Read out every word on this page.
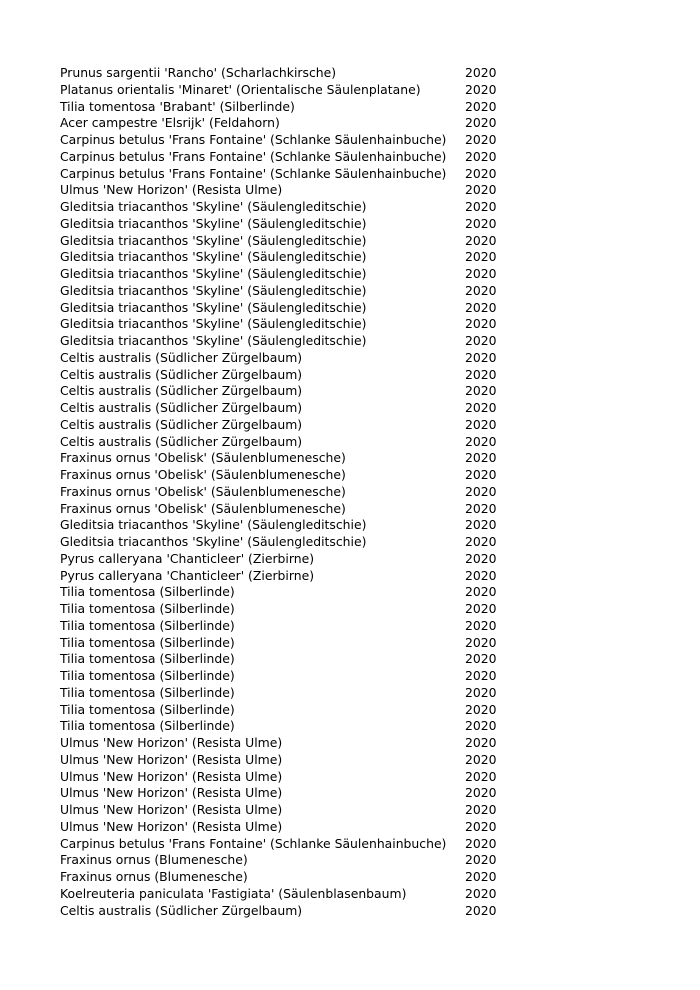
Prunus sargentii 'Rancho' (Scharlachkirsche)	2020
Platanus orientalis 'Minaret' (Orientalische Säulenplatane)	2020
Tilia tomentosa 'Brabant' (Silberlinde)	2020
Acer campestre 'Elsrijk' (Feldahorn)	2020
Carpinus betulus 'Frans Fontaine' (Schlanke Säulenhainbuche) 2020
Carpinus betulus 'Frans Fontaine' (Schlanke Säulenhainbuche) 2020
Carpinus betulus 'Frans Fontaine' (Schlanke Säulenhainbuche) 2020
Ulmus 'New Horizon' (Resista Ulme)	2020
Gleditsia triacanthos 'Skyline' (Säulengleditschie)	2020
Gleditsia triacanthos 'Skyline' (Säulengleditschie)	2020
Gleditsia triacanthos 'Skyline' (Säulengleditschie)	2020
Gleditsia triacanthos 'Skyline' (Säulengleditschie)	2020
Gleditsia triacanthos 'Skyline' (Säulengleditschie)	2020
Gleditsia triacanthos 'Skyline' (Säulengleditschie)	2020
Gleditsia triacanthos 'Skyline' (Säulengleditschie)	2020
Gleditsia triacanthos 'Skyline' (Säulengleditschie)	2020
Gleditsia triacanthos 'Skyline' (Säulengleditschie)	2020
Celtis australis (Südlicher Zürgelbaum)	2020
Celtis australis (Südlicher Zürgelbaum)	2020
Celtis australis (Südlicher Zürgelbaum)	2020
Celtis australis (Südlicher Zürgelbaum)	2020
Celtis australis (Südlicher Zürgelbaum)	2020
Celtis australis (Südlicher Zürgelbaum)	2020
Fraxinus ornus 'Obelisk' (Säulenblumenesche)	2020
Fraxinus ornus 'Obelisk' (Säulenblumenesche)	2020
Fraxinus ornus 'Obelisk' (Säulenblumenesche)	2020
Fraxinus ornus 'Obelisk' (Säulenblumenesche)	2020
Gleditsia triacanthos 'Skyline' (Säulengleditschie)	2020
Gleditsia triacanthos 'Skyline' (Säulengleditschie)	2020
Pyrus calleryana 'Chanticleer' (Zierbirne)	2020
Pyrus calleryana 'Chanticleer' (Zierbirne)	2020
Tilia tomentosa (Silberlinde)	2020
Tilia tomentosa (Silberlinde)	2020
Tilia tomentosa (Silberlinde)	2020
Tilia tomentosa (Silberlinde)	2020
Tilia tomentosa (Silberlinde)	2020
Tilia tomentosa (Silberlinde)	2020
Tilia tomentosa (Silberlinde)	2020
Tilia tomentosa (Silberlinde)	2020
Tilia tomentosa (Silberlinde)	2020
Ulmus 'New Horizon' (Resista Ulme)	2020
Ulmus 'New Horizon' (Resista Ulme)	2020
Ulmus 'New Horizon' (Resista Ulme)	2020
Ulmus 'New Horizon' (Resista Ulme)	2020
Ulmus 'New Horizon' (Resista Ulme)	2020
Ulmus 'New Horizon' (Resista Ulme)	2020
Carpinus betulus 'Frans Fontaine' (Schlanke Säulenhainbuche) 2020
Fraxinus ornus (Blumenesche)	2020
Fraxinus ornus (Blumenesche)	2020
Koelreuteria paniculata 'Fastigiata' (Säulenblasenbaum)	2020
Celtis australis (Südlicher Zürgelbaum)	2020
